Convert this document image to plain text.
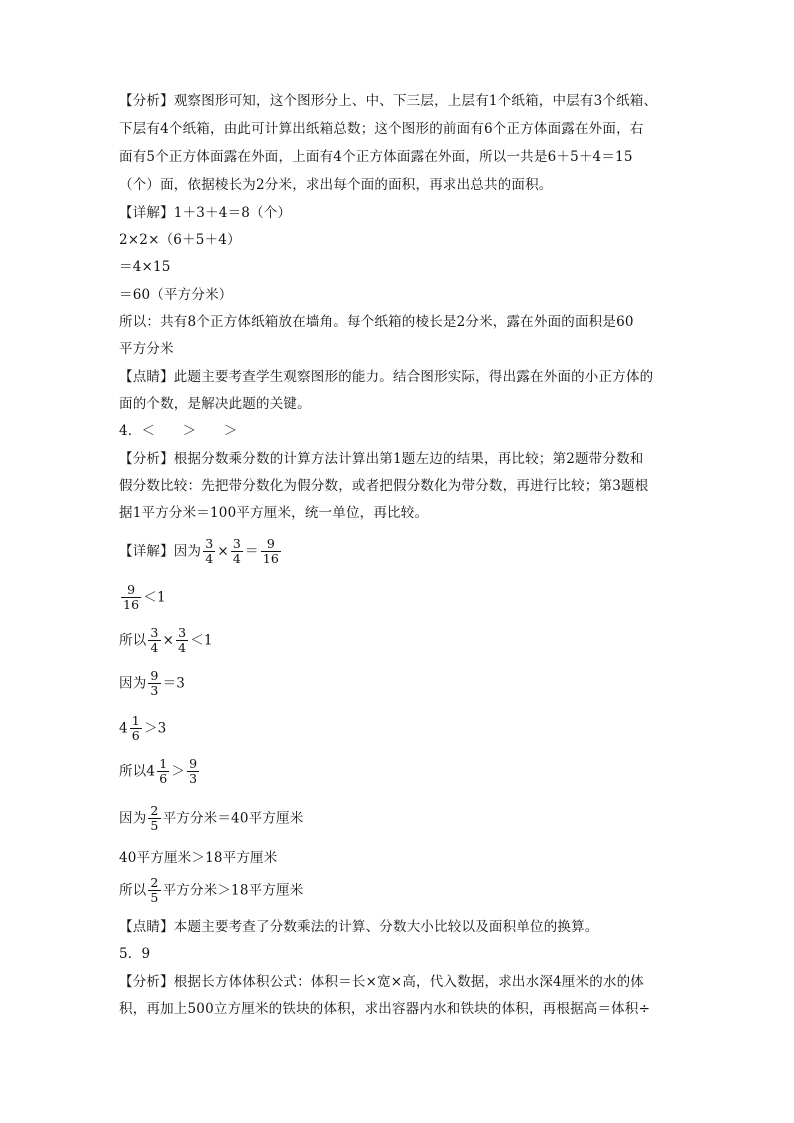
【分析】观察图形可知，这个图形分上、中、下三层，上层有1个纸箱，中层有3个纸箱、
下层有4个纸箱，由此可计算出纸箱总数；这个图形的前面有6个正方体面露在外面，右
面有5个正方体面露在外面，上面有4个正方体面露在外面，所以一共是6＋5＋4＝15
（个）面，依据棱长为2分米，求出每个面的面积，再求出总共的面积。
【详解】1＋3＋4＝8（个）
2×2×（6＋5＋4）
＝4×15
＝60（平方分米）
所以：共有8个正方体纸箱放在墙角。每个纸箱的棱长是2分米，露在外面的面积是60
平方分米
【点睛】此题主要考查学生观察图形的能力。结合图形实际，得出露在外面的小正方体的
面的个数，是解决此题的关键。
4．＜　　＞　　＞
【分析】根据分数乘分数的计算方法计算出第1题左边的结果，再比较；第2题带分数和
假分数比较：先把带分数化为假分数，或者把假分数化为带分数，再进行比较；第3题根
据1平方分米＝100平方厘米，统一单位，再比较。
【详解】因为 $\frac{3}{4} \times \frac{3}{4} = \frac{9}{16}$
$\frac{9}{16} <1$
所以 $\frac{3}{4} \times \frac{3}{4} <1$
因为 $\frac{9}{3} =3$
$4 \frac{1}{6} >3$
所以$4 \frac{1}{6} > \frac{9}{3}$
因为 $\frac{2}{5}$ 平方分米＝40平方厘米
40平方厘米＞18平方厘米
所以 $\frac{2}{5}$ 平方分米＞18平方厘米
【点睛】本题主要考查了分数乘法的计算、分数大小比较以及面积单位的换算。
5．9
【分析】根据长方体体积公式：体积＝长×宽×高，代入数据，求出水深4厘米的水的体
积，再加上500立方厘米的铁块的体积，求出容器内水和铁块的体积，再根据高＝体积÷
